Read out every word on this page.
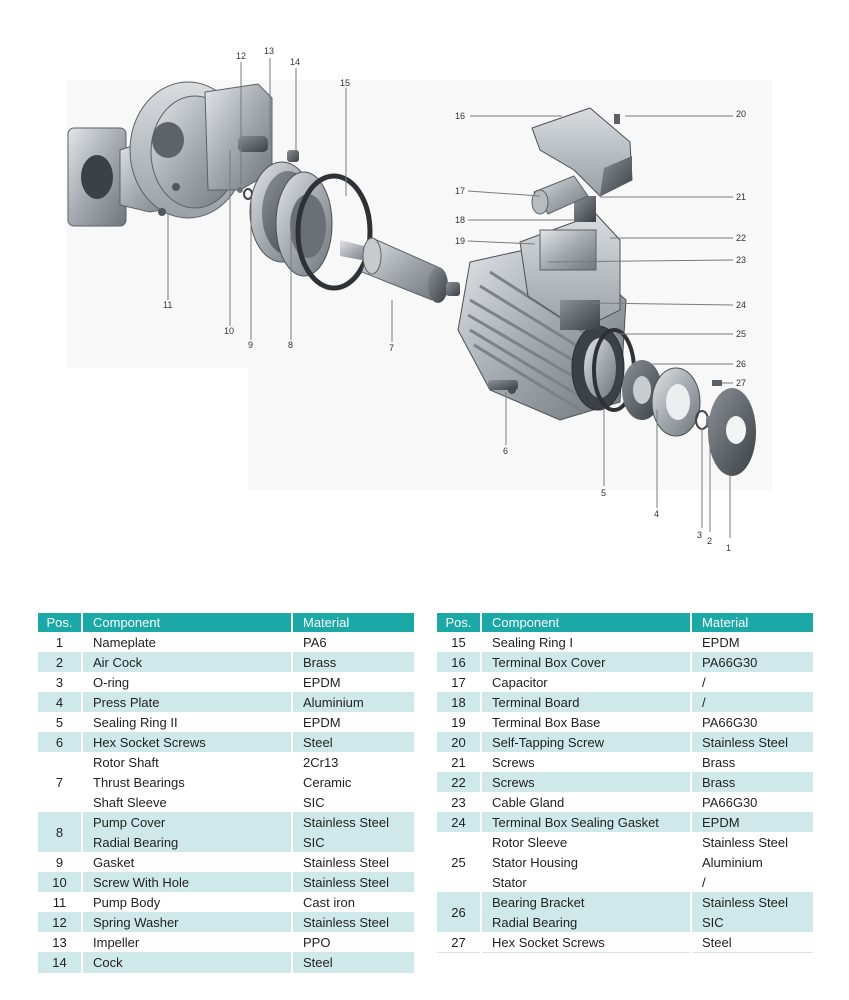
1
2
3
4
5
6
7
8
9
10
11
12 13
14
15
16
17
18
19
20
21
22
23
24
25
26
27
Pos.	Component	Material
1	Nameplate	PA6
2	Air Cock	Brass
3	O-ring	EPDM
4	Press Plate	Aluminium
5	Sealing Ring II	EPDM
6	Hex Socket Screws	Steel
7	Rotor Shaft	2Cr13
	Thrust Bearings	Ceramic
	Shaft Sleeve	SIC
8	Pump Cover	Stainless Steel
	Radial Bearing	SIC
9	Gasket	Stainless Steel
10	Screw With Hole	Stainless Steel
11	Pump Body	Cast iron
12	Spring Washer	Stainless Steel
13	Impeller	PPO
14	Cock	Steel
Pos.	Component	Material
15	Sealing Ring I	EPDM
16	Terminal Box Cover	PA66G30
17	Capacitor	/
18	Terminal Board	/
19	Terminal Box Base	PA66G30
20	Self-Tapping Screw	Stainless Steel
21	Screws	Brass
22	Screws	Brass
23	Cable Gland	PA66G30
24	Terminal Box Sealing Gasket	EPDM
25	Rotor Sleeve	Stainless Steel
	Stator Housing	Aluminium
	Stator	/
26	Bearing Bracket	Stainless Steel
	Radial Bearing	SIC
27	Hex Socket Screws	Steel
